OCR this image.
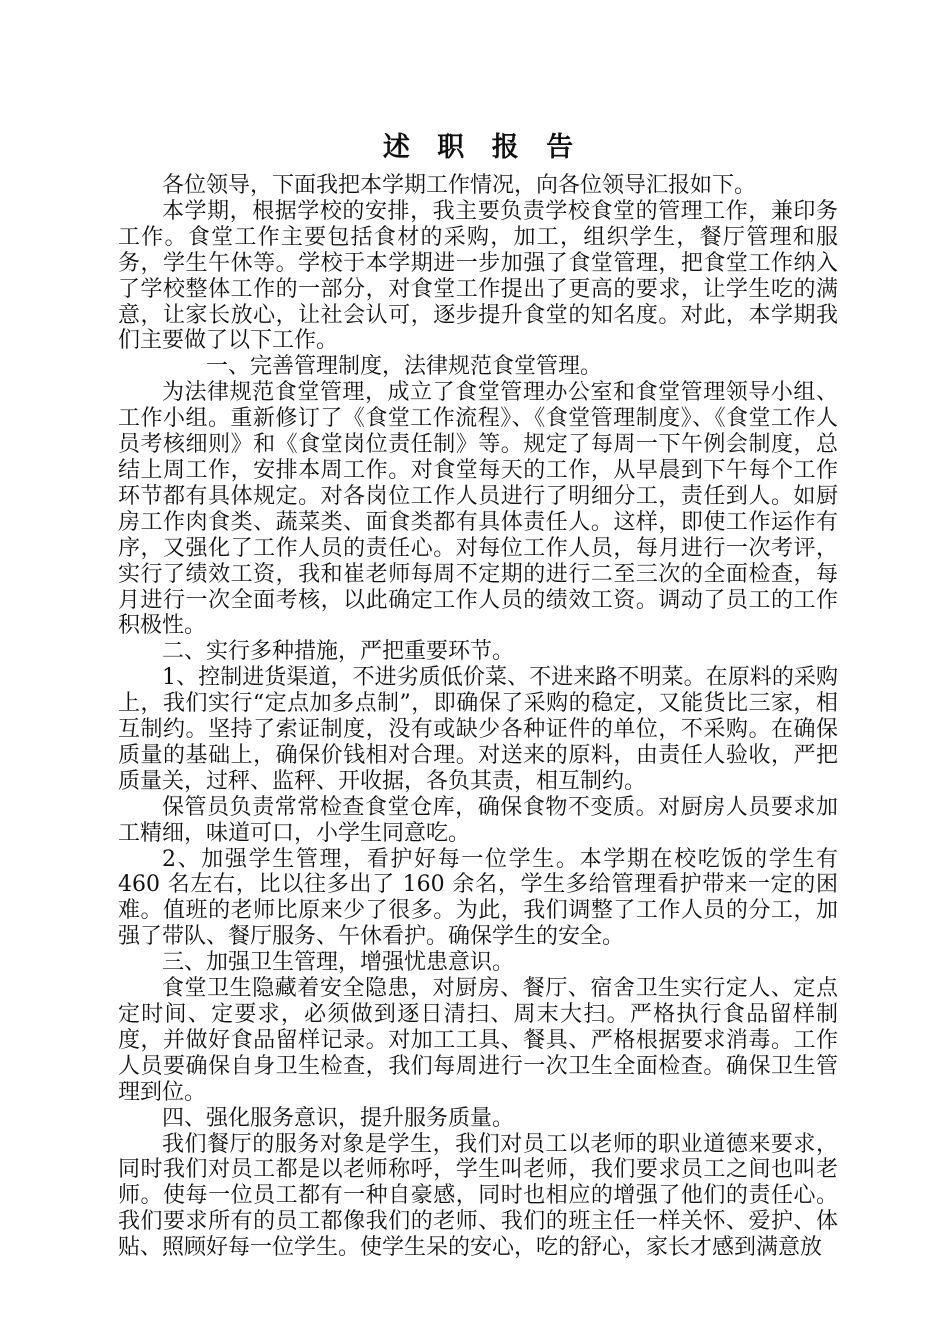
述 职 报 告

各位领导，下面我把本学期工作情况，向各位领导汇报如下。

本学期，根据学校的安排，我主要负责学校食堂的管理工作，兼印务工作。食堂工作主要包括食材的采购，加工，组织学生，餐厅管理和服务，学生午休等。学校于本学期进一步加强了食堂管理，把食堂工作纳入了学校整体工作的一部分，对食堂工作提出了更高的要求，让学生吃的满意，让家长放心，让社会认可，逐步提升食堂的知名度。对此，本学期我们主要做了以下工作。

一、完善管理制度，法律规范食堂管理。

为法律规范食堂管理，成立了食堂管理办公室和食堂管理领导小组、工作小组。重新修订了《食堂工作流程》、《食堂管理制度》、《食堂工作人员考核细则》和《食堂岗位责任制》等。规定了每周一下午例会制度，总结上周工作，安排本周工作。对食堂每天的工作，从早晨到下午每个工作环节都有具体规定。对各岗位工作人员进行了明细分工，责任到人。如厨房工作肉食类、蔬菜类、面食类都有具体责任人。这样，即使工作运作有序，又强化了工作人员的责任心。对每位工作人员，每月进行一次考评，实行了绩效工资，我和崔老师每周不定期的进行二至三次的全面检查，每月进行一次全面考核，以此确定工作人员的绩效工资。调动了员工的工作积极性。

二、实行多种措施，严把重要环节。

1、控制进货渠道，不进劣质低价菜、不进来路不明菜。在原料的采购上，我们实行“定点加多点制”，即确保了采购的稳定，又能货比三家，相互制约。坚持了索证制度，没有或缺少各种证件的单位，不采购。在确保质量的基础上，确保价钱相对合理。对送来的原料，由责任人验收，严把质量关，过秤、监秤、开收据，各负其责，相互制约。

保管员负责常常检查食堂仓库，确保食物不变质。对厨房人员要求加工精细，味道可口，小学生同意吃。

2、加强学生管理，看护好每一位学生。本学期在校吃饭的学生有 460 名左右，比以往多出了 160 余名，学生多给管理看护带来一定的困难。值班的老师比原来少了很多。为此，我们调整了工作人员的分工，加强了带队、餐厅服务、午休看护。确保学生的安全。

三、加强卫生管理，增强忧患意识。

食堂卫生隐藏着安全隐患，对厨房、餐厅、宿舍卫生实行定人、定点定时间、定要求，必须做到逐日清扫、周末大扫。严格执行食品留样制度，并做好食品留样记录。对加工工具、餐具、严格根据要求消毒。工作人员要确保自身卫生检查，我们每周进行一次卫生全面检查。确保卫生管理到位。

四、强化服务意识，提升服务质量。

我们餐厅的服务对象是学生，我们对员工以老师的职业道德来要求，同时我们对员工都是以老师称呼，学生叫老师，我们要求员工之间也叫老师。使每一位员工都有一种自豪感，同时也相应的增强了他们的责任心。我们要求所有的员工都像我们的老师、我们的班主任一样关怀、爱护、体贴、照顾好每一位学生。使学生呆的安心，吃的舒心，家长才感到满意放
